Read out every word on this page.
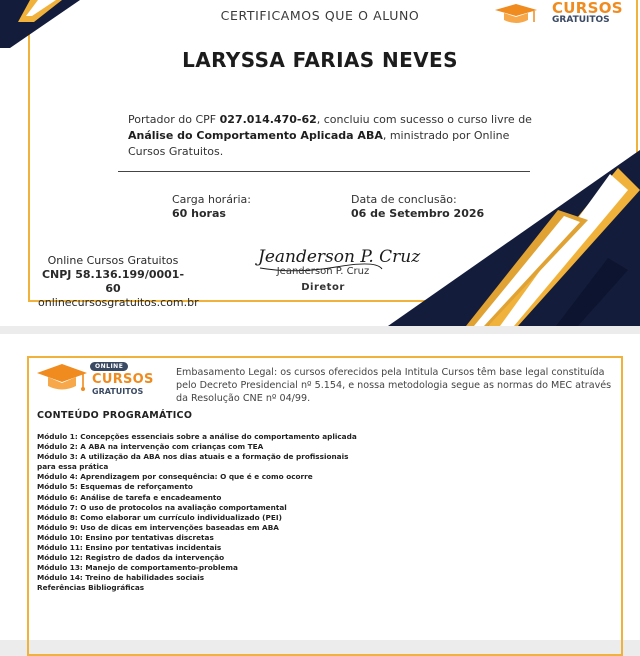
CURSOS
GRATUITOS
CERTIFICAMOS QUE O ALUNO
LARYSSA FARIAS NEVES
Portador do CPF 027.014.470-62, concluiu com sucesso o curso livre de Análise do Comportamento Aplicada ABA, ministrado por Online Cursos Gratuitos.
Carga horária:
60 horas
Data de conclusão:
06 de Setembro 2026
Online Cursos Gratuitos
CNPJ 58.136.199/0001-60
onlinecursosgratuitos.com.br
Jeanderson P. Cruz
Jeanderson P. Cruz
Diretor
ONLINE
CURSOS
GRATUITOS
Embasamento Legal: os cursos oferecidos pela Intitula Cursos têm base legal constituída pelo Decreto Presidencial nº 5.154, e nossa metodologia segue as normas do MEC através da Resolução CNE nº 04/99.
CONTEÚDO PROGRAMÁTICO
Módulo 1: Concepções essenciais sobre a análise do comportamento aplicada
Módulo 2: A ABA na intervenção com crianças com TEA
Módulo 3: A utilização da ABA nos dias atuais e a formação de profissionais para essa prática
Módulo 4: Aprendizagem por consequência: O que é e como ocorre
Módulo 5: Esquemas de reforçamento
Módulo 6: Análise de tarefa e encadeamento
Módulo 7: O uso de protocolos na avaliação comportamental
Módulo 8: Como elaborar um currículo individualizado (PEI)
Módulo 9: Uso de dicas em intervenções baseadas em ABA
Módulo 10: Ensino por tentativas discretas
Módulo 11: Ensino por tentativas incidentais
Módulo 12: Registro de dados da intervenção
Módulo 13: Manejo de comportamento-problema
Módulo 14: Treino de habilidades sociais
Referências Bibliográficas
